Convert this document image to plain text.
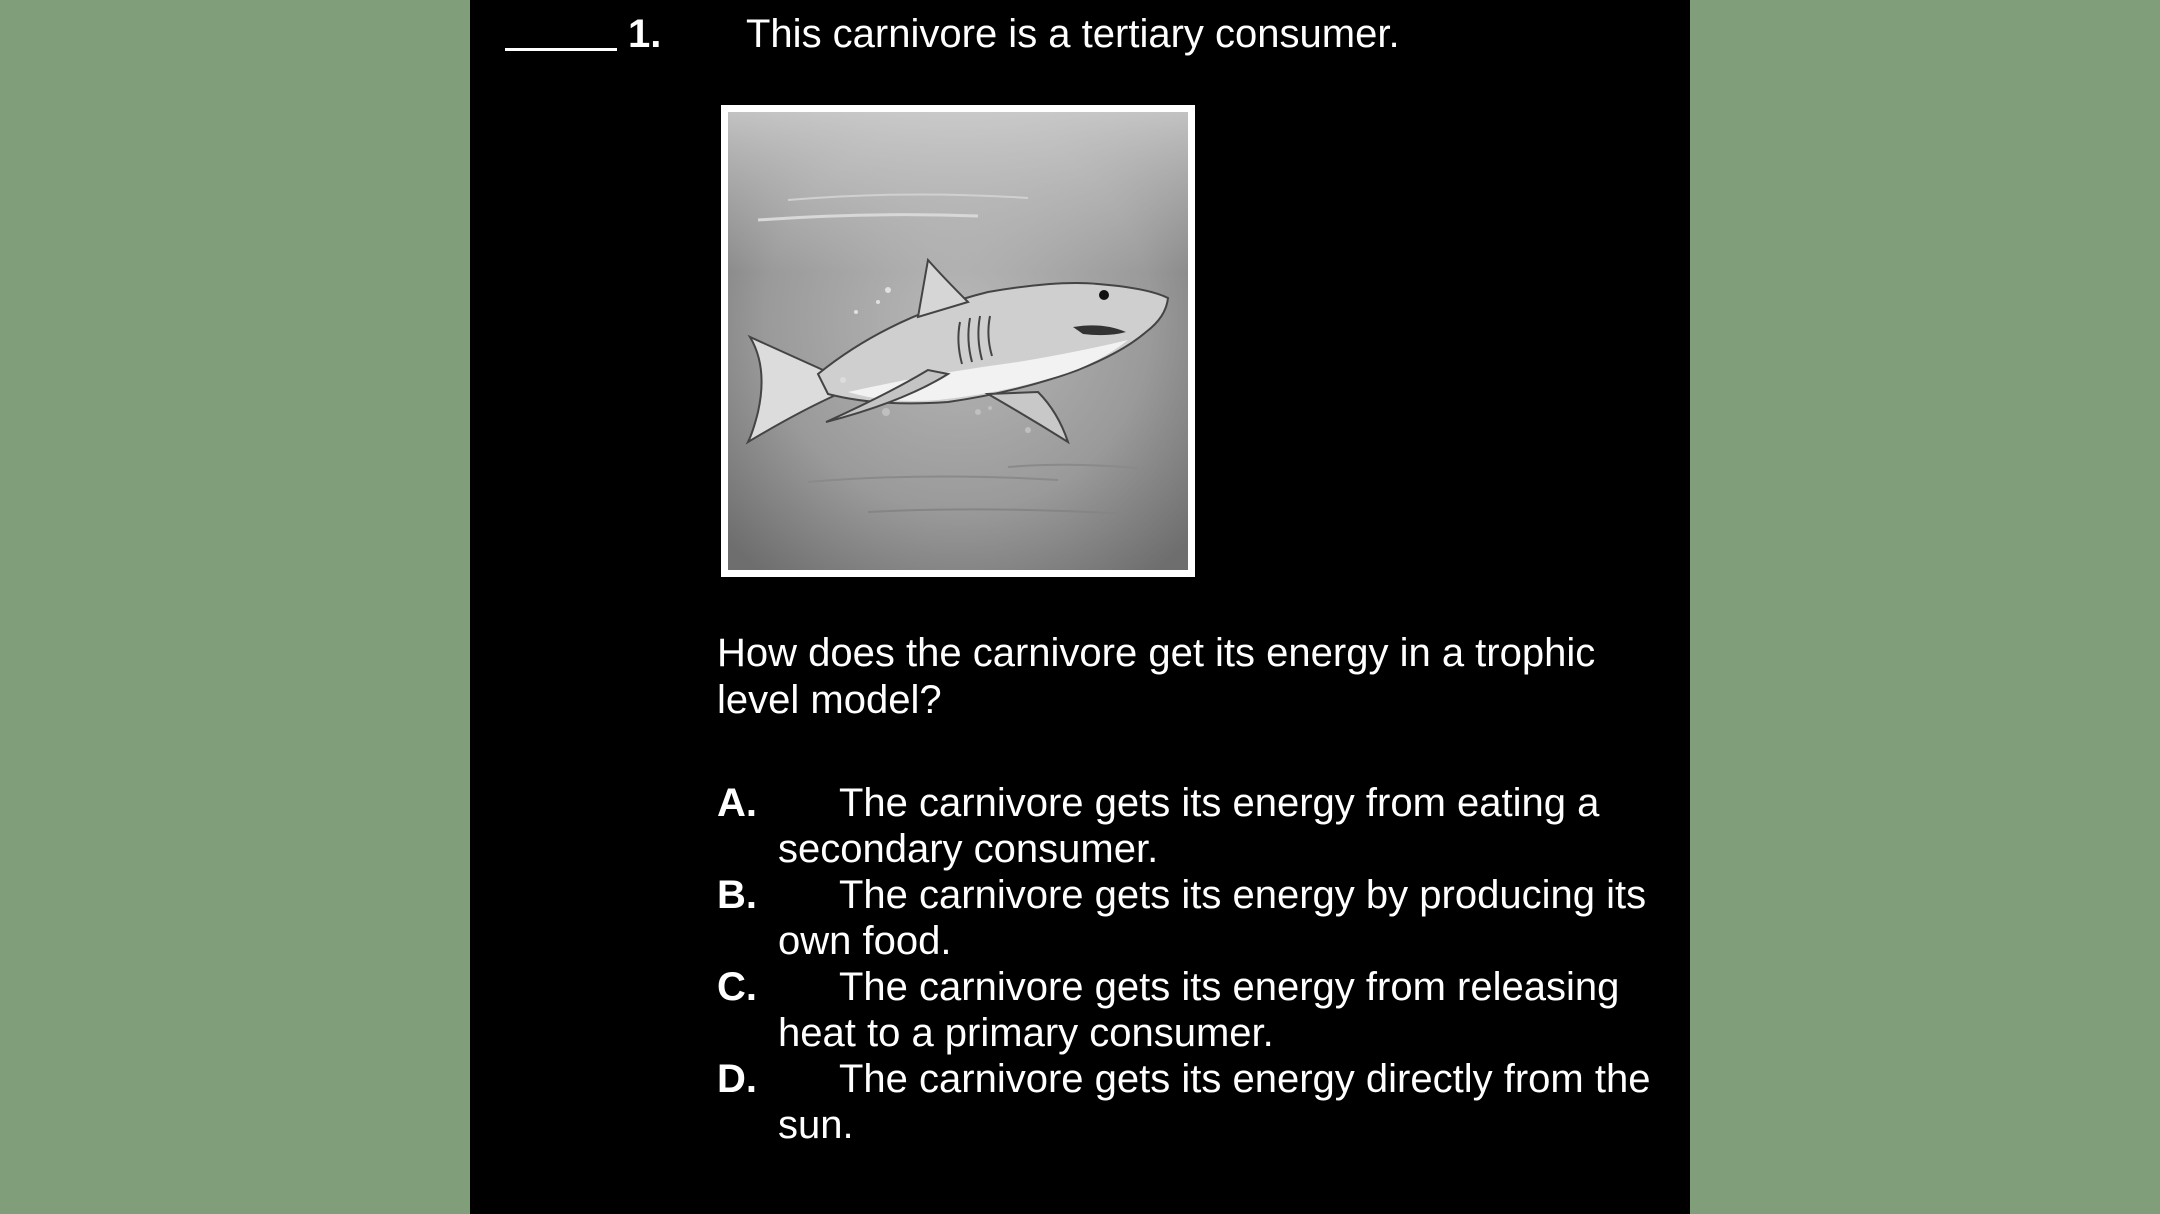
1. This carnivore is a tertiary consumer.
How does the carnivore get its energy in a trophic level model?
A.	The carnivore gets its energy from eating a secondary consumer.
B.	The carnivore gets its energy by producing its own food.
C.	The carnivore gets its energy from releasing heat to a primary consumer.
D.	The carnivore gets its energy directly from the sun.
